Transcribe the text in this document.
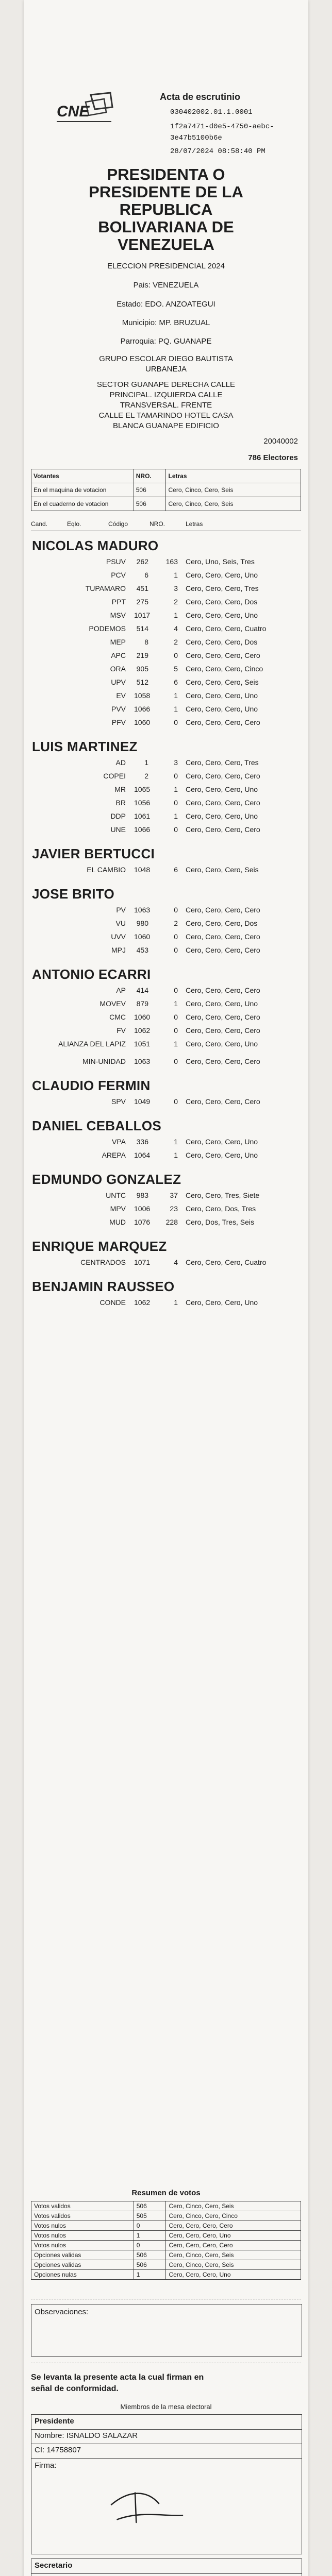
CNE
Acta de escrutinio
030402002.01.1.0001
1f2a7471-d0e5-4750-aebc-
3e47b5100b6e
28/07/2024 08:58:40 PM
PRESIDENTA O
PRESIDENTE DE LA
REPUBLICA
BOLIVARIANA DE
VENEZUELA
ELECCION PRESIDENCIAL 2024
Pais: VENEZUELA
Estado: EDO. ANZOATEGUI
Municipio: MP. BRUZUAL
Parroquia: PQ. GUANAPE
GRUPO ESCOLAR DIEGO BAUTISTA
URBANEJA
SECTOR GUANAPE DERECHA CALLE
PRINCIPAL. IZQUIERDA CALLE
TRANSVERSAL. FRENTE
CALLE EL TAMARINDO HOTEL CASA
BLANCA GUANAPE EDIFICIO
20040002
786 Electores
Votantes	NRO.	Letras
En el maquina de votacion	506	Cero, Cinco, Cero, Seis
En el cuaderno de votacion	506	Cero, Cinco, Cero, Seis
Cand.	Eqlo.	Código	NRO.	Letras
NICOLAS MADURO
PSUV	262	163 Cero, Uno, Seis, Tres
PCV	6	1 Cero, Cero, Cero, Uno
TUPAMARO	451	3 Cero, Cero, Cero, Tres
PPT	275	2 Cero, Cero, Cero, Dos
MSV 1017	1 Cero, Cero, Cero, Uno
PODEMOS	514	4 Cero, Cero, Cero, Cuatro
MEP	8	2 Cero, Cero, Cero, Dos
APC	219	0 Cero, Cero, Cero, Cero
ORA	905	5 Cero, Cero, Cero, Cinco
UPV	512	6 Cero, Cero, Cero, Seis
EV 1058	1 Cero, Cero, Cero, Uno
PVV 1066	1 Cero, Cero, Cero, Uno
PFV 1060	0 Cero, Cero, Cero, Cero
LUIS MARTINEZ
AD	1	3 Cero, Cero, Cero, Tres
COPEI	2	0 Cero, Cero, Cero, Cero
MR 1065	1 Cero, Cero, Cero, Uno
BR 1056	0 Cero, Cero, Cero, Cero
DDP 1061	1 Cero, Cero, Cero, Uno
UNE 1066	0 Cero, Cero, Cero, Cero
JAVIER BERTUCCI
EL CAMBIO 1048	6 Cero, Cero, Cero, Seis
JOSE BRITO
PV 1063	0 Cero, Cero, Cero, Cero
VU	980	2 Cero, Cero, Cero, Dos
UVV 1060	0 Cero, Cero, Cero, Cero
MPJ	453	0 Cero, Cero, Cero, Cero
ANTONIO ECARRI
AP	414	0 Cero, Cero, Cero, Cero
MOVEV	879	1 Cero, Cero, Cero, Uno
CMC 1060	0 Cero, Cero, Cero, Cero
FV 1062	0 Cero, Cero, Cero, Cero
ALIANZA DEL LAPIZ 1051	1 Cero, Cero, Cero, Uno
MIN-UNIDAD 1063	0 Cero, Cero, Cero, Cero
CLAUDIO FERMIN
SPV 1049	0 Cero, Cero, Cero, Cero
DANIEL CEBALLOS
VPA	336	1 Cero, Cero, Cero, Uno
AREPA 1064	1 Cero, Cero, Cero, Uno
EDMUNDO GONZALEZ
UNTC	983	37 Cero, Cero, Tres, Siete
MPV 1006	23 Cero, Cero, Dos, Tres
MUD 1076	228 Cero, Dos, Tres, Seis
ENRIQUE MARQUEZ
CENTRADOS 1071	4 Cero, Cero, Cero, Cuatro
BENJAMIN RAUSSEO
CONDE 1062	1 Cero, Cero, Cero, Uno
Resumen de votos
Votos validos	506	Cero, Cinco, Cero, Seis
Votos validos	505	Cero, Cinco, Cero, Cinco
Votos nulos	0	Cero, Cero, Cero, Cero
Votos nulos	1	Cero, Cero, Cero, Uno
Votos nulos	0	Cero, Cero, Cero, Cero
Opciones validas	506	Cero, Cinco, Cero, Seis
Opciones validas	506	Cero, Cinco, Cero, Seis
Opciones nulas	1	Cero, Cero, Cero, Uno
Observaciones:
Se levanta la presente acta la cual firman en
señal de conformidad.
Miembros de la mesa electoral
Presidente
Nombre: ISNALDO SALAZAR
CI: 14758807
Firma:
Secretario
